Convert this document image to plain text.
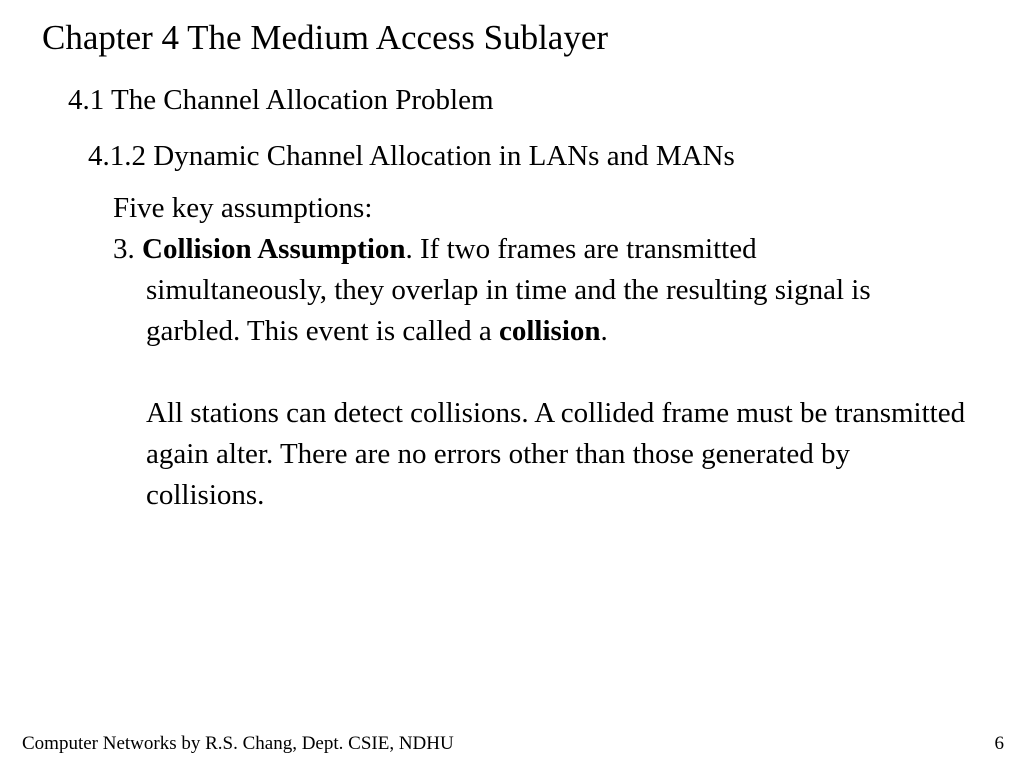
Chapter 4 The Medium Access Sublayer
4.1 The Channel Allocation Problem
4.1.2 Dynamic Channel Allocation in LANs and MANs
Five key assumptions:
3. Collision Assumption. If two frames are transmitted simultaneously, they overlap in time and the resulting signal is garbled. This event is called a collision.
All stations can detect collisions. A collided frame must be transmitted again alter. There are no errors other than those generated by collisions.
Computer Networks by R.S. Chang, Dept. CSIE, NDHU	6
